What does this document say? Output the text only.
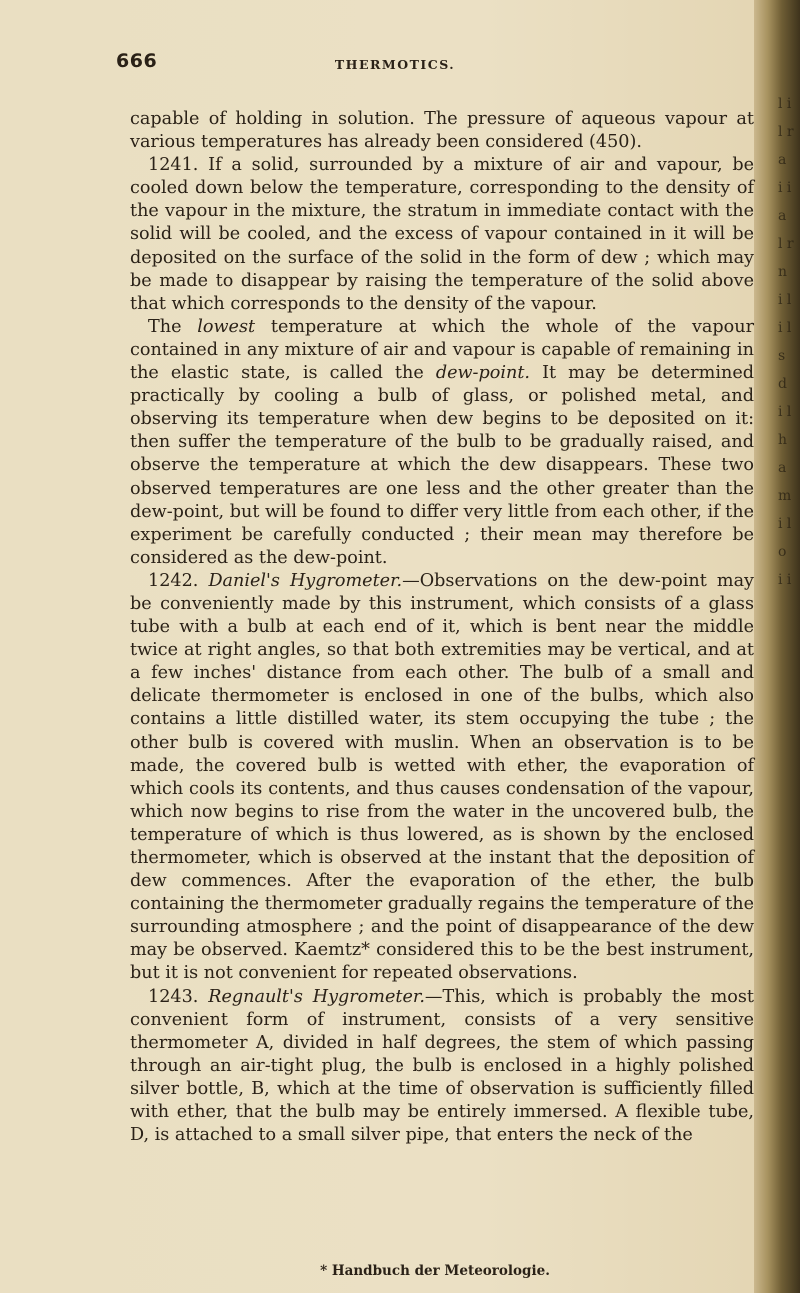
l i l r a i i a l r n i l i l s d i l h a m i l o i i
666	THERMOTICS.

capable of holding in solution. The pressure of aqueous vapour at various temperatures has already been considered (450).

1241. If a solid, surrounded by a mixture of air and vapour, be cooled down below the temperature, corresponding to the density of the vapour in the mixture, the stratum in immediate contact with the solid will be cooled, and the excess of vapour contained in it will be deposited on the surface of the solid in the form of dew ; which may be made to disappear by raising the temperature of the solid above that which corresponds to the density of the vapour.

The lowest temperature at which the whole of the vapour contained in any mixture of air and vapour is capable of remaining in the elastic state, is called the dew-point. It may be determined practically by cooling a bulb of glass, or polished metal, and observing its temperature when dew begins to be deposited on it: then suffer the temperature of the bulb to be gradually raised, and observe the temperature at which the dew disappears. These two observed temperatures are one less and the other greater than the dew-point, but will be found to differ very little from each other, if the experiment be carefully conducted ; their mean may therefore be considered as the dew-point.

1242. Daniel's Hygrometer.—Observations on the dew-point may be conveniently made by this instrument, which consists of a glass tube with a bulb at each end of it, which is bent near the middle twice at right angles, so that both extremities may be vertical, and at a few inches' distance from each other. The bulb of a small and delicate thermometer is enclosed in one of the bulbs, which also contains a little distilled water, its stem occupying the tube ; the other bulb is covered with muslin. When an observation is to be made, the covered bulb is wetted with ether, the evaporation of which cools its contents, and thus causes condensation of the vapour, which now begins to rise from the water in the uncovered bulb, the temperature of which is thus lowered, as is shown by the enclosed thermometer, which is observed at the instant that the deposition of dew commences. After the evaporation of the ether, the bulb containing the thermometer gradually regains the temperature of the surrounding atmosphere ; and the point of disappearance of the dew may be observed. Kaemtz* considered this to be the best instrument, but it is not convenient for repeated observations.

1243. Regnault's Hygrometer.—This, which is probably the most convenient form of instrument, consists of a very sensitive thermometer A, divided in half degrees, the stem of which passing through an air-tight plug, the bulb is enclosed in a highly polished silver bottle, B, which at the time of observation is sufficiently filled with ether, that the bulb may be entirely immersed. A flexible tube, D, is attached to a small silver pipe, that enters the neck of the

* Handbuch der Meteorologie.
